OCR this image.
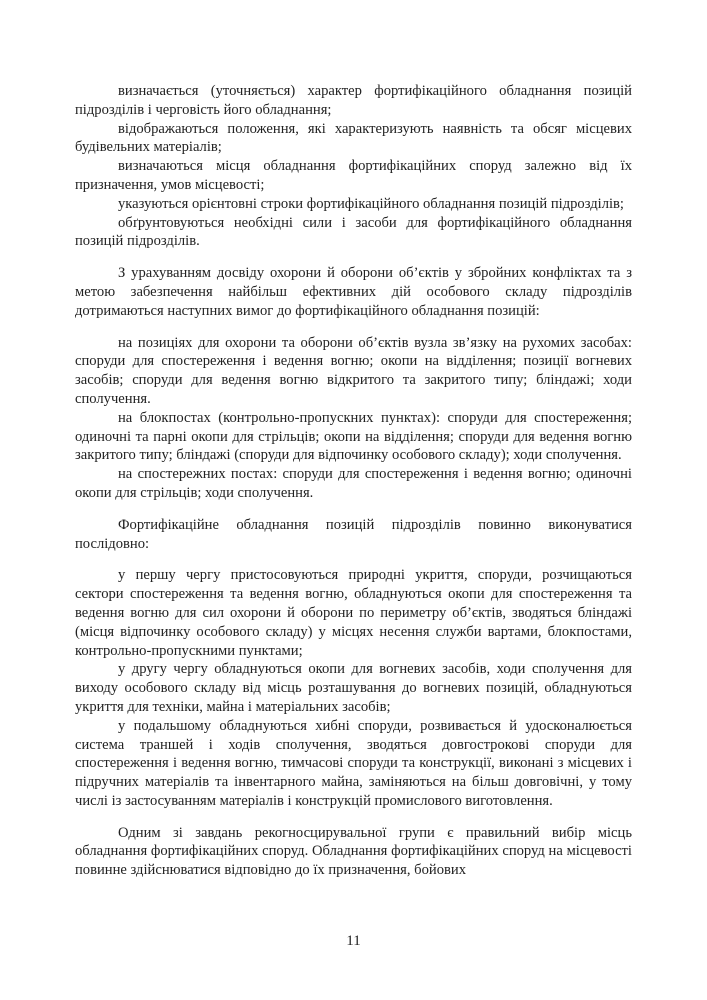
визначається (уточняється) характер фортифікаційного обладнання позицій підрозділів і черговість його обладнання;

відображаються положення, які характеризують наявність та обсяг місцевих будівельних матеріалів;

визначаються місця обладнання фортифікаційних споруд залежно від їх призначення, умов місцевості;

указуються орієнтовні строки фортифікаційного обладнання позицій підрозділів;

обґрунтовуються необхідні сили і засоби для фортифікаційного обладнання позицій підрозділів.

З урахуванням досвіду охорони й оборони об’єктів у збройних конфліктах та з метою забезпечення найбільш ефективних дій особового складу підрозділів дотримаються наступних вимог до фортифікаційного обладнання позицій:

на позиціях для охорони та оборони об’єктів вузла зв’язку на рухомих засобах: споруди для спостереження і ведення вогню; окопи на відділення; позиції вогневих засобів; споруди для ведення вогню відкритого та закритого типу; бліндажі; ходи сполучення.

на блокпостах (контрольно-пропускних пунктах): споруди для спостереження; одиночні та парні окопи для стрільців; окопи на відділення; споруди для ведення вогню закритого типу; бліндажі (споруди для відпочинку особового складу); ходи сполучення.

на спостережних постах: споруди для спостереження і ведення вогню; одиночні окопи для стрільців; ходи сполучення.

Фортифікаційне обладнання позицій підрозділів повинно виконуватися послідовно:

у першу чергу пристосовуються природні укриття, споруди, розчищаються сектори спостереження та ведення вогню, обладнуються окопи для спостереження та ведення вогню для сил охорони й оборони по периметру об’єктів, зводяться бліндажі (місця відпочинку особового складу) у місцях несення служби вартами, блокпостами, контрольно-пропускними пунктами;

у другу чергу обладнуються окопи для вогневих засобів, ходи сполучення для виходу особового складу від місць розташування до вогневих позицій, обладнуються укриття для техніки, майна і матеріальних засобів;

у подальшому обладнуються хибні споруди, розвивається й удосконалюється система траншей і ходів сполучення, зводяться довгострокові споруди для спостереження і ведення вогню, тимчасові споруди та конструкції, виконані з місцевих і підручних матеріалів та інвентарного майна, заміняються на більш довговічні, у тому числі із застосуванням матеріалів і конструкцій промислового виготовлення.

Одним зі завдань рекогносцирувальної групи є правильний вибір місць обладнання фортифікаційних споруд. Обладнання фортифікаційних споруд на місцевості повинне здійснюватися відповідно до їх призначення, бойових

11
